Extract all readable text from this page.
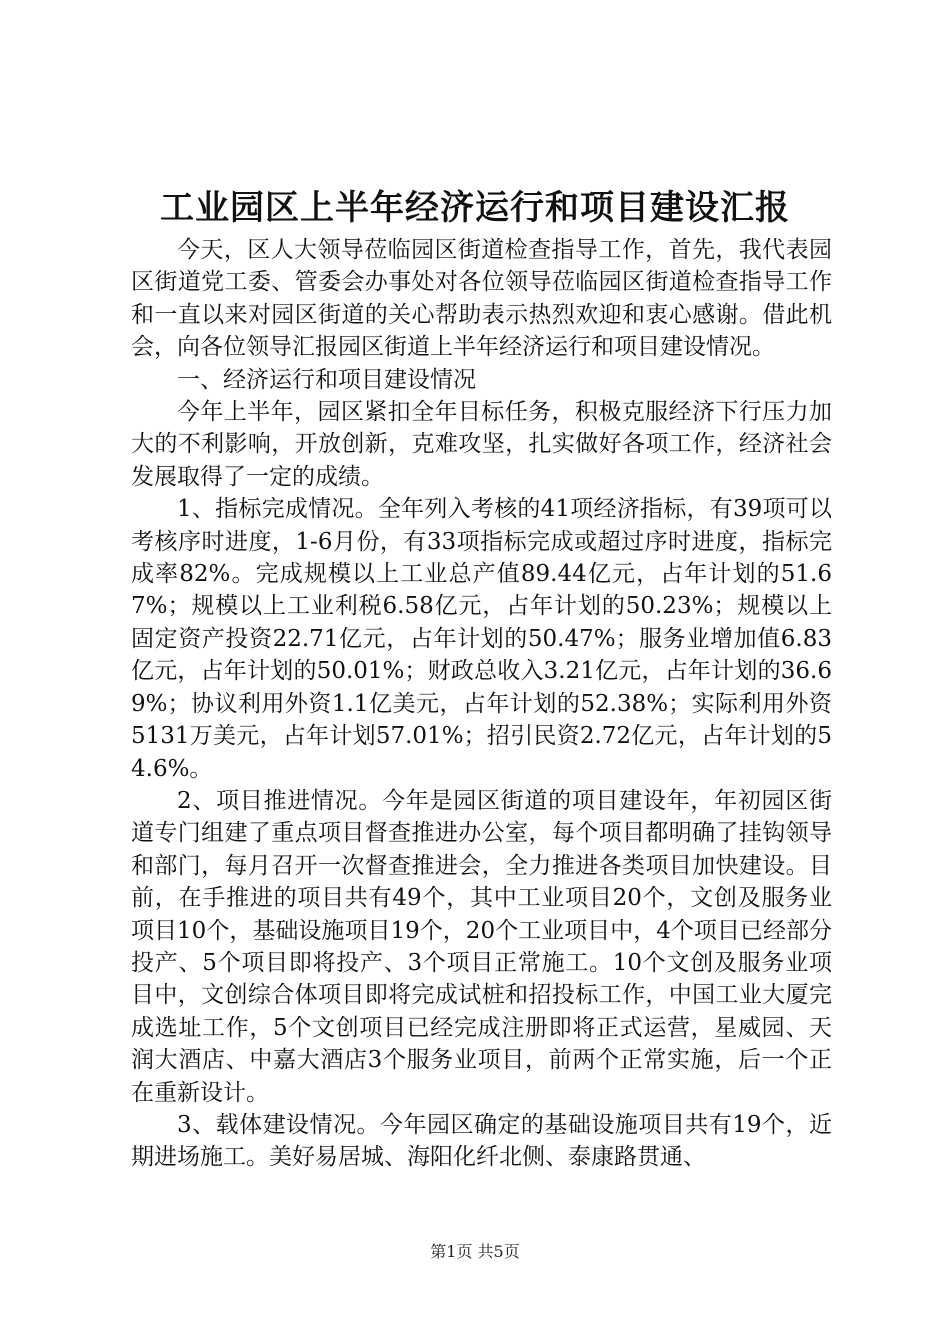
工业园区上半年经济运行和项目建设汇报

今天，区人大领导莅临园区街道检查指导工作，首先，我代表园区街道党工委、管委会办事处对各位领导莅临园区街道检查指导工作和一直以来对园区街道的关心帮助表示热烈欢迎和衷心感谢。借此机会，向各位领导汇报园区街道上半年经济运行和项目建设情况。

一、经济运行和项目建设情况

今年上半年，园区紧扣全年目标任务，积极克服经济下行压力加大的不利影响，开放创新，克难攻坚，扎实做好各项工作，经济社会发展取得了一定的成绩。

1、指标完成情况。全年列入考核的41项经济指标，有39项可以考核序时进度，1-6月份，有33项指标完成或超过序时进度，指标完成率82%。完成规模以上工业总产值89.44亿元，占年计划的51.67%；规模以上工业利税6.58亿元，占年计划的50.23%；规模以上固定资产投资22.71亿元，占年计划的50.47%；服务业增加值6.83亿元，占年计划的50.01%；财政总收入3.21亿元，占年计划的36.69%；协议利用外资1.1亿美元，占年计划的52.38%；实际利用外资5131万美元，占年计划57.01%；招引民资2.72亿元，占年计划的54.6%。

2、项目推进情况。今年是园区街道的项目建设年，年初园区街道专门组建了重点项目督查推进办公室，每个项目都明确了挂钩领导和部门，每月召开一次督查推进会，全力推进各类项目加快建设。目前，在手推进的项目共有49个，其中工业项目20个，文创及服务业项目10个，基础设施项目19个，20个工业项目中，4个项目已经部分投产、5个项目即将投产、3个项目正常施工。10个文创及服务业项目中，文创综合体项目即将完成试桩和招投标工作，中国工业大厦完成选址工作，5个文创项目已经完成注册即将正式运营，星威园、天润大酒店、中嘉大酒店3个服务业项目，前两个正常实施，后一个正在重新设计。

3、载体建设情况。今年园区确定的基础设施项目共有19个，近期进场施工。美好易居城、海阳化纤北侧、泰康路贯通、

第1页 共5页
